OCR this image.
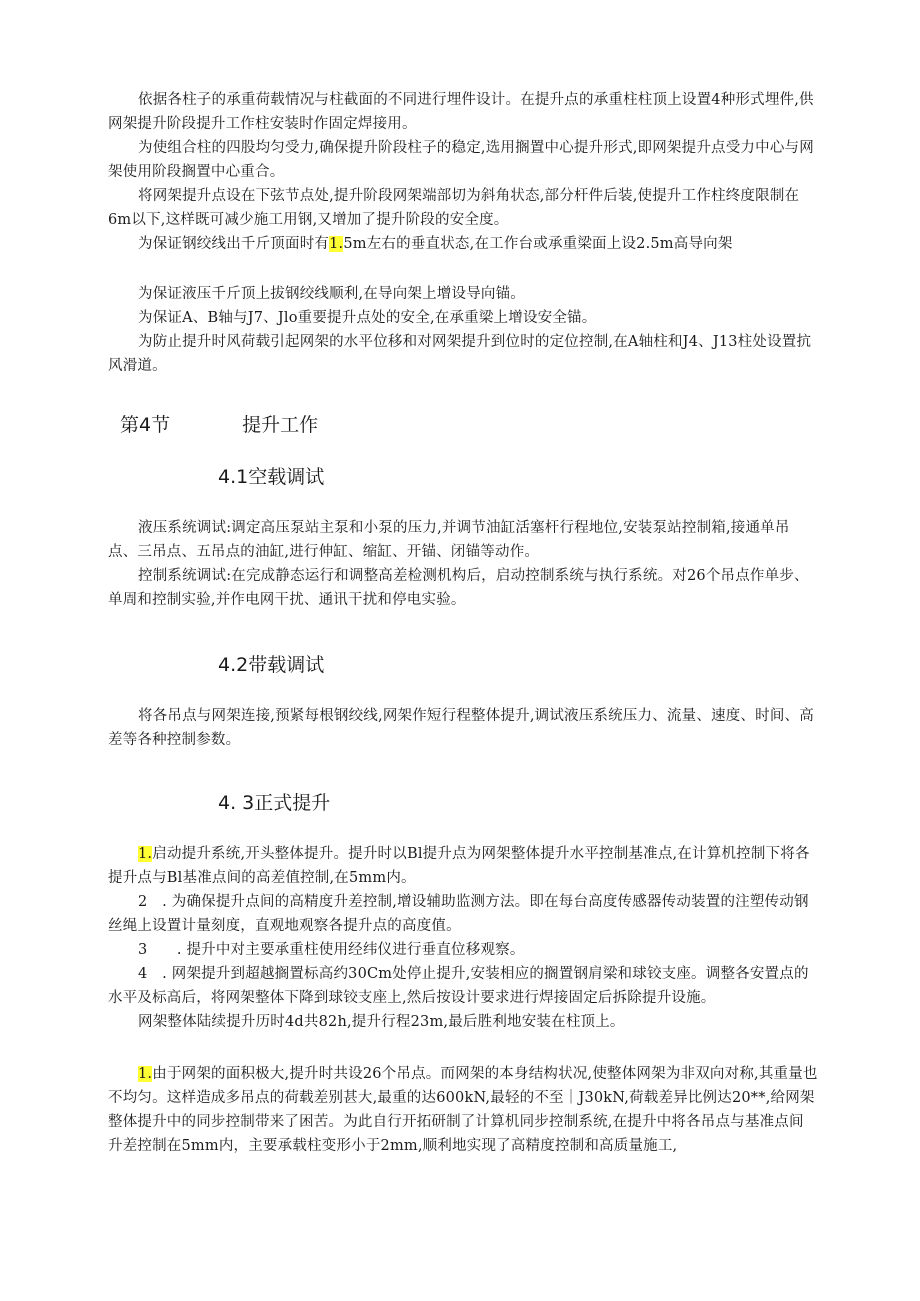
依据各柱子的承重荷载情况与柱截面的不同进行埋件设计。在提升点的承重柱柱顶上设置4种形式埋件,供网架提升阶段提升工作柱安装时作固定焊接用。

为使组合柱的四股均匀受力,确保提升阶段柱子的稳定,选用搁置中心提升形式,即网架提升点受力中心与网架使用阶段搁置中心重合。

将网架提升点设在下弦节点处,提升阶段网架端部切为斜角状态,部分杆件后装,使提升工作柱终度限制在6m以下,这样既可减少施工用钢,又增加了提升阶段的安全度。

为保证钢绞线出千斤顶面时有1.5m左右的垂直状态,在工作台或承重梁面上设2.5m高导向架

为保证液压千斤顶上拔钢绞线顺利,在导向架上增设导向锚。

为保证A、B轴与J7、Jlo重要提升点处的安全,在承重梁上增设安全锚。

为防止提升时风荷载引起网架的水平位移和对网架提升到位时的定位控制,在A轴柱和J4、J13柱处设置抗风滑道。

第4节	提升工作
4.1空载调试

液压系统调试:调定高压泵站主泵和小泵的压力,并调节油缸活塞杆行程地位,安装泵站控制箱,接通单吊点、三吊点、五吊点的油缸,进行伸缸、缩缸、开锚、闭锚等动作。

控制系统调试:在完成静态运行和调整高差检测机构后，启动控制系统与执行系统。对26个吊点作单步、单周和控制实验,并作电网干扰、通讯干扰和停电实验。

4.2带载调试

将各吊点与网架连接,预紧每根钢绞线,网架作短行程整体提升,调试液压系统压力、流量、速度、时间、高差等各种控制参数。

4. 3正式提升

1.启动提升系统,开头整体提升。提升时以Bl提升点为网架整体提升水平控制基准点,在计算机控制下将各提升点与Bl基准点间的高差值控制,在5mm内。

2　. 为确保提升点间的高精度升差控制,增设辅助监测方法。即在每台高度传感器传动装置的注塑传动钢丝绳上设置计量刻度，直观地观察各提升点的高度值。

3　　. 提升中对主要承重柱使用经纬仪进行垂直位移观察。

4　. 网架提升到超越搁置标高约30Cm处停止提升,安装相应的搁置钢肩梁和球铰支座。调整各安置点的水平及标高后，将网架整体下降到球铰支座上,然后按设计要求进行焊接固定后拆除提升设施。

网架整体陆续提升历时4d共82h,提升行程23m,最后胜利地安装在柱顶上。

1.由于网架的面积极大,提升时共设26个吊点。而网架的本身结构状况,使整体网架为非双向对称,其重量也不均匀。这样造成多吊点的荷载差别甚大,最重的达600kN,最轻的不至｜J30kN,荷载差异比例达20**,给网架整体提升中的同步控制带来了困苦。为此自行开拓研制了计算机同步控制系统,在提升中将各吊点与基准点间升差控制在5mm内，主要承载柱变形小于2mm,顺利地实现了高精度控制和高质量施工,
